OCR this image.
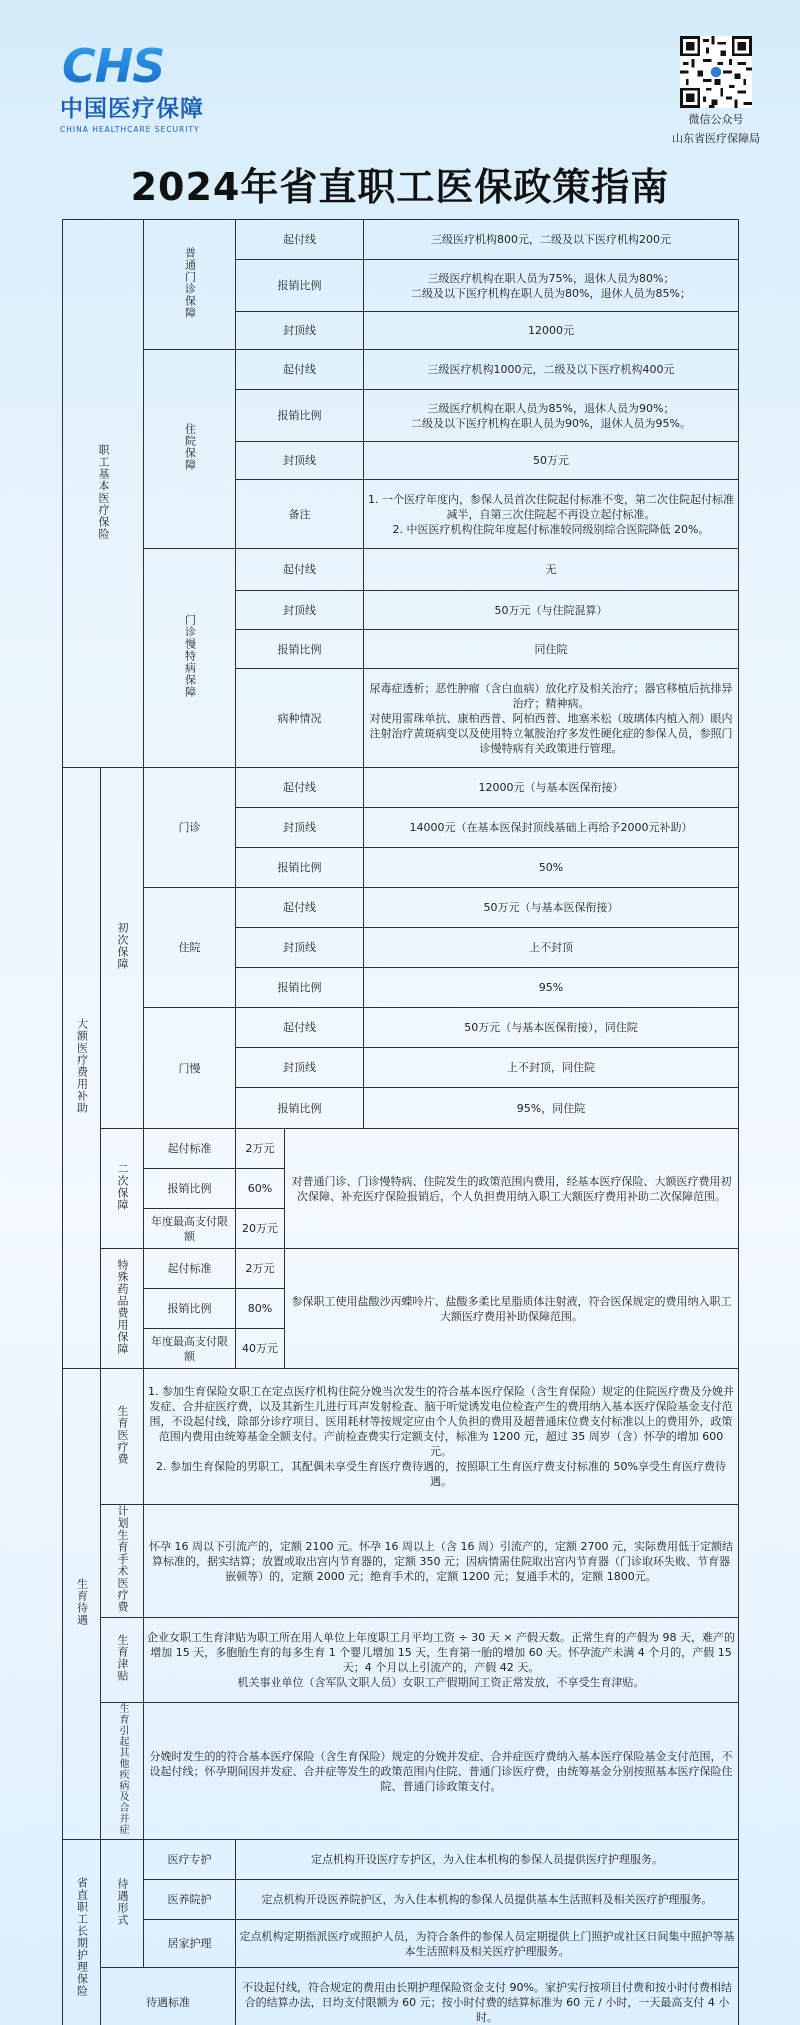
CHS
中国医疗保障
CHINA HEALTHCARE SECURITY
微信公众号
山东省医疗保障局
2024年省直职工医保政策指南
职工基本医疗保险		普通门诊保障	起付线		三级医疗机构800元，二级及以下医疗机构200元
			报销比例		三级医疗机构在职人员为75%，退休人员为80%；
二级及以下医疗机构在职人员为80%，退休人员为85%；

			封顶线		12000元
		住院保障	起付线		三级医疗机构1000元，二级及以下医疗机构400元
			报销比例		三级医疗机构在职人员为85%，退休人员为90%；
二级及以下医疗机构在职人员为90%，退休人员为95%。

			封顶线		50万元
			备注		1. 一个医疗年度内，参保人员首次住院起付标准不变，第二次住院起付标准减半，自第三次住院起不再设立起付标准。
2. 中医医疗机构住院年度起付标准较同级别综合医院降低 20%。

		门诊慢特病保障	起付线		无
			封顶线		50万元（与住院混算）
			报销比例		同住院
			病种情况		尿毒症透析；恶性肿瘤（含白血病）放化疗及相关治疗；器官移植后抗排异治疗；精神病。
对使用雷珠单抗、康柏西普、阿柏西普、地塞米松（玻璃体内植入剂）眼内注射治疗黄斑病变以及使用特立氟胺治疗多发性硬化症的参保人员，参照门诊慢特病有关政策进行管理。

大额医疗费用补助	初次保障	门诊	起付线		12000元（与基本医保衔接）
			封顶线		14000元（在基本医保封顶线基础上再给予2000元补助）
			报销比例		50%
		住院	起付线		50万元（与基本医保衔接）
			封顶线		上不封顶
			报销比例		95%
		门慢	起付线		50万元（与基本医保衔接），同住院
			封顶线		上不封顶，同住院
			报销比例		95%，同住院
	二次保障	起付标准	2万元	对普通门诊、门诊慢特病、住院发生的政策范围内费用，经基本医疗保险、大额医疗费用初次保障、补充医疗保险报销后，个人负担费用纳入职工大额医疗费用补助二次保障范围。	
		报销比例	60%		
		年度最高支付限额	20万元		
	特殊药品费用保障	起付标准	2万元	参保职工使用盐酸沙丙蝶呤片、盐酸多柔比星脂质体注射液，符合医保规定的费用纳入职工大额医疗费用补助保障范围。	
		报销比例	80%		
		年度最高支付限额	40万元		
生育待遇	生育医疗费	1. 参加生育保险女职工在定点医疗机构住院分娩当次发生的符合基本医疗保险（含生育保险）规定的住院医疗费及分娩并发症、合并症医疗费，以及其新生儿进行耳声发射检查、脑干听觉诱发电位检查产生的费用纳入基本医疗保险基金支付范围，不设起付线，除部分诊疗项目、医用耗材等按规定应由个人负担的费用及超普通床位费支付标准以上的费用外，政策范围内费用由统筹基金全额支付。产前检查费实行定额支付，标准为 1200 元，超过 35 周岁（含）怀孕的增加 600 元。
2. 参加生育保险的男职工，其配偶未享受生育医疗费待遇的，按照职工生育医疗费支付标准的 50%享受生育医疗费待遇。			

	计划生育手术医疗费	怀孕 16 周以下引流产的，定额 2100 元。怀孕 16 周以上（含 16 周）引流产的，定额 2700 元，实际费用低于定额结算标准的，据实结算；放置或取出宫内节育器的，定额 350 元；因病情需住院取出宫内节育器（门诊取环失败、节育器嵌顿等）的，定额 2000 元；绝育手术的，定额 1200 元；复通手术的，定额 1800元。			
	生育津贴	企业女职工生育津贴为职工所在用人单位上年度职工月平均工资 ÷ 30 天 × 产假天数。正常生育的产假为 98 天，难产的增加 15 天，多胞胎生育的每多生育 1 个婴儿增加 15 天，生育第一胎的增加 60 天。怀孕流产未满 4 个月的，产假 15 天；4 个月以上引流产的，产假 42 天。
机关事业单位（含军队文职人员）女职工产假期间工资正常发放，不享受生育津贴。			

	生育引起其他疾病及合并症	分娩时发生的的符合基本医疗保险（含生育保险）规定的分娩并发症、合并症医疗费纳入基本医疗保险基金支付范围，不设起付线；怀孕期间因并发症、合并症等发生的政策范围内住院、普通门诊医疗费，由统筹基金分别按照基本医疗保险住院、普通门诊政策支付。			
省直职工长期护理保险	待遇形式	医疗专护	定点机构开设医疗专护区，为入住本机构的参保人员提供医疗护理服务。		
		医养院护	定点机构开设医养院护区，为入住本机构的参保人员提供基本生活照料及相关医疗护理服务。		
		居家护理	定点机构定期指派医疗或照护人员，为符合条件的参保人员定期提供上门照护或社区日间集中照护等基本生活照料及相关医疗护理服务。		
	待遇标准		不设起付线，符合规定的费用由长期护理保险资金支付 90%。家护实行按项目付费和按小时付费相结合的结算办法，日均支付限额为 60 元；按小时付费的结算标准为 60 元 / 小时，一天最高支付 4 小时。		
